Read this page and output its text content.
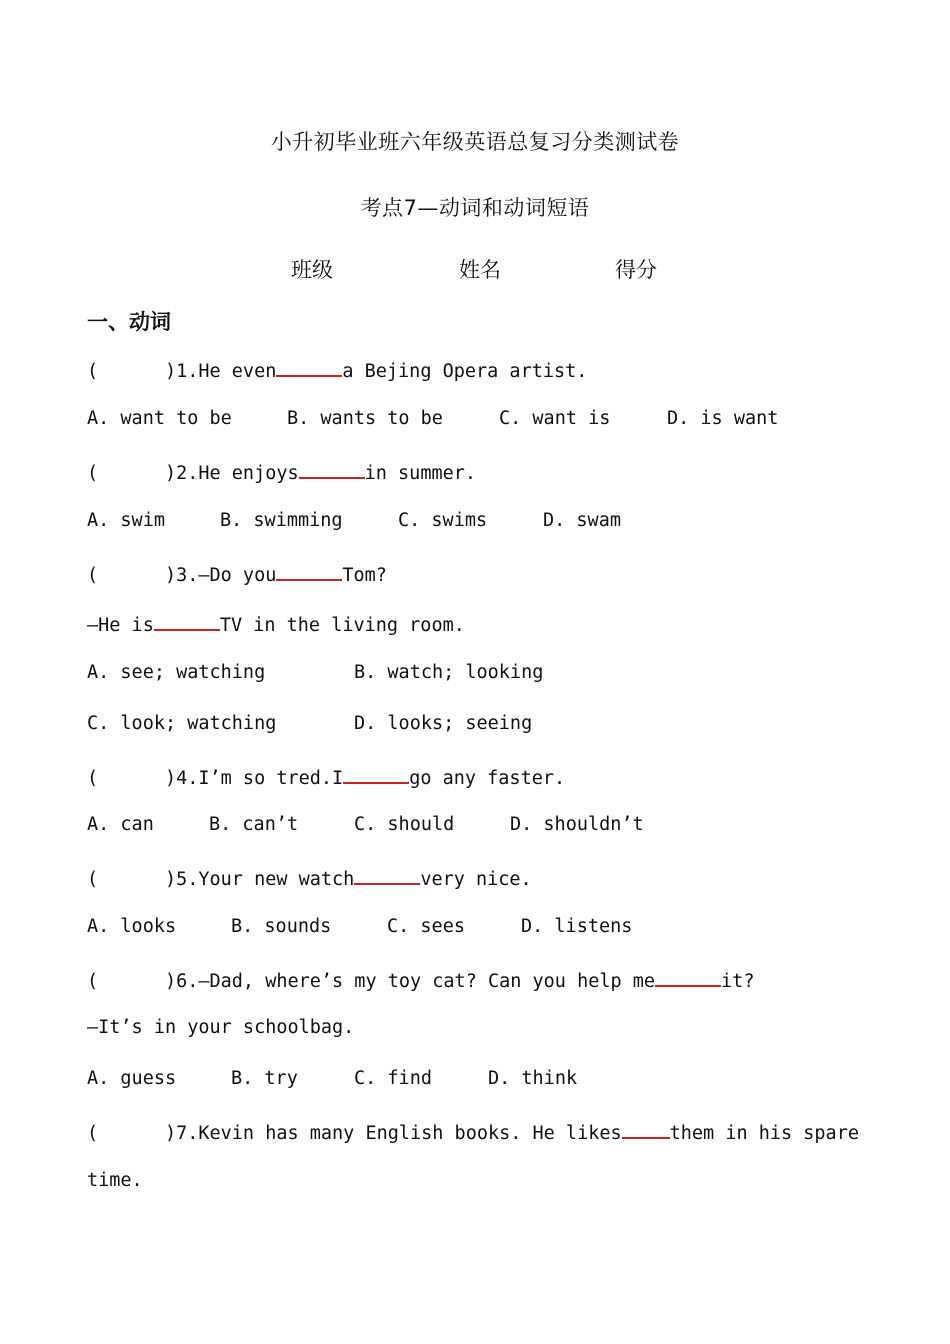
小升初毕业班六年级英语总复习分类测试卷
考点7—动词和动词短语
班级	姓名	得分
一、动词
(      )1.He even	a Bejing Opera artist.
A. want to be	B. wants to be	C. want is	D. is want
(      )2.He enjoys	in summer.
A. swim	B. swimming	C. swims	D. swam
(      )3.—Do you	Tom?
—He is	TV in the living room.
A. see; watching	B. watch; looking
C. look; watching	D. looks; seeing
(      )4.I’m so tred.I	go any faster.
A. can	B. can’t	C. should	D. shouldn’t
(      )5.Your new watch	very nice.
A. looks	B. sounds	C. sees	D. listens
(      )6.—Dad, where’s my toy cat? Can you help me	it?
—It’s in your schoolbag.
A. guess	B. try	C. find	D. think
(      )7.Kevin has many English books. He likes	them in his spare
time.
